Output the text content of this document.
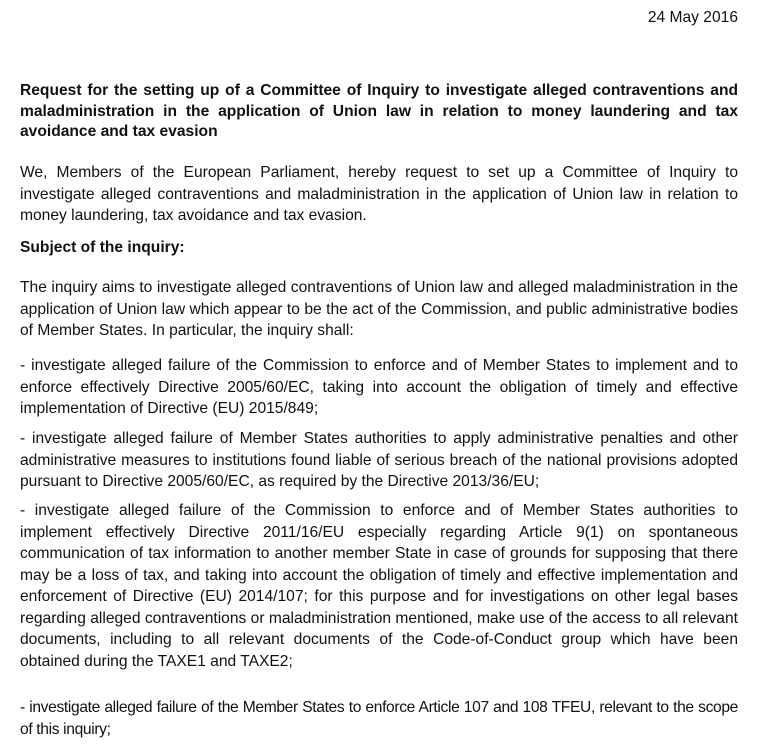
24 May 2016

Request for the setting up of a Committee of Inquiry to investigate alleged contraventions and maladministration in the application of Union law in relation to money laundering and tax avoidance and tax evasion

We, Members of the European Parliament, hereby request to set up a Committee of Inquiry to investigate alleged contraventions and maladministration in the application of Union law in relation to money laundering, tax avoidance and tax evasion.

Subject of the inquiry:

The inquiry aims to investigate alleged contraventions of Union law and alleged maladministration in the application of Union law which appear to be the act of the Commission, and public administrative bodies of Member States. In particular, the inquiry shall:

- investigate alleged failure of the Commission to enforce and of Member States to implement and to enforce effectively Directive 2005/60/EC, taking into account the obligation of timely and effective implementation of Directive (EU) 2015/849;

- investigate alleged failure of Member States authorities to apply administrative penalties and other administrative measures to institutions found liable of serious breach of the national provisions adopted pursuant to Directive 2005/60/EC, as required by the Directive 2013/36/EU;

- investigate alleged failure of the Commission to enforce and of Member States authorities to implement effectively Directive 2011/16/EU especially regarding Article 9(1) on spontaneous communication of tax information to another member State in case of grounds for supposing that there may be a loss of tax, and taking into account the obligation of timely and effective implementation and enforcement of Directive (EU) 2014/107; for this purpose and for investigations on other legal bases regarding alleged contraventions or maladministration mentioned, make use of the access to all relevant documents, including to all relevant documents of the Code-of-Conduct group which have been obtained during the TAXE1 and TAXE2;

- investigate alleged failure of the Member States to enforce Article 107 and 108 TFEU, relevant to the scope of this inquiry;
